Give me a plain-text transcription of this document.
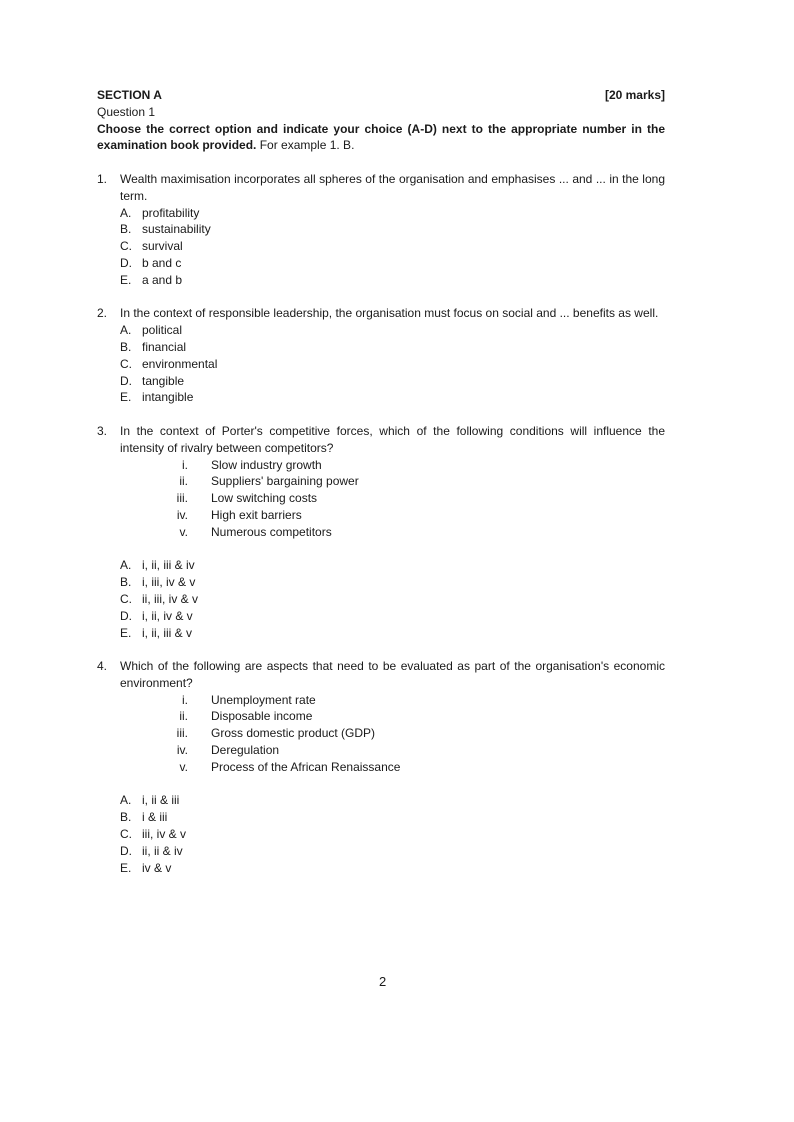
SECTION A	[20 marks]
Question 1
Choose the correct option and indicate your choice (A-D) next to the appropriate number in the examination book provided. For example 1. B.
1.	Wealth maximisation incorporates all spheres of the organisation and emphasises ... and ... in the long term.
A. profitability
B. sustainability
C. survival
D. b and c
E. a and b
2.	In the context of responsible leadership, the organisation must focus on social and ... benefits as well.
A. political
B. financial
C. environmental
D. tangible
E. intangible
3.	In the context of Porter's competitive forces, which of the following conditions will influence the intensity of rivalry between competitors?
i.	Slow industry growth
ii.	Suppliers' bargaining power
iii.	Low switching costs
iv.	High exit barriers
v.	Numerous competitors
A. i, ii, iii & iv
B. i, iii, iv & v
C. ii, iii, iv & v
D. i, ii, iv & v
E. i, ii, iii & v
4.	Which of the following are aspects that need to be evaluated as part of the organisation's economic environment?
i.	Unemployment rate
ii.	Disposable income
iii.	Gross domestic product (GDP)
iv.	Deregulation
v.	Process of the African Renaissance
A. i, ii & iii
B. i & iii
C. iii, iv & v
D. ii, ii & iv
E. iv & v
2
